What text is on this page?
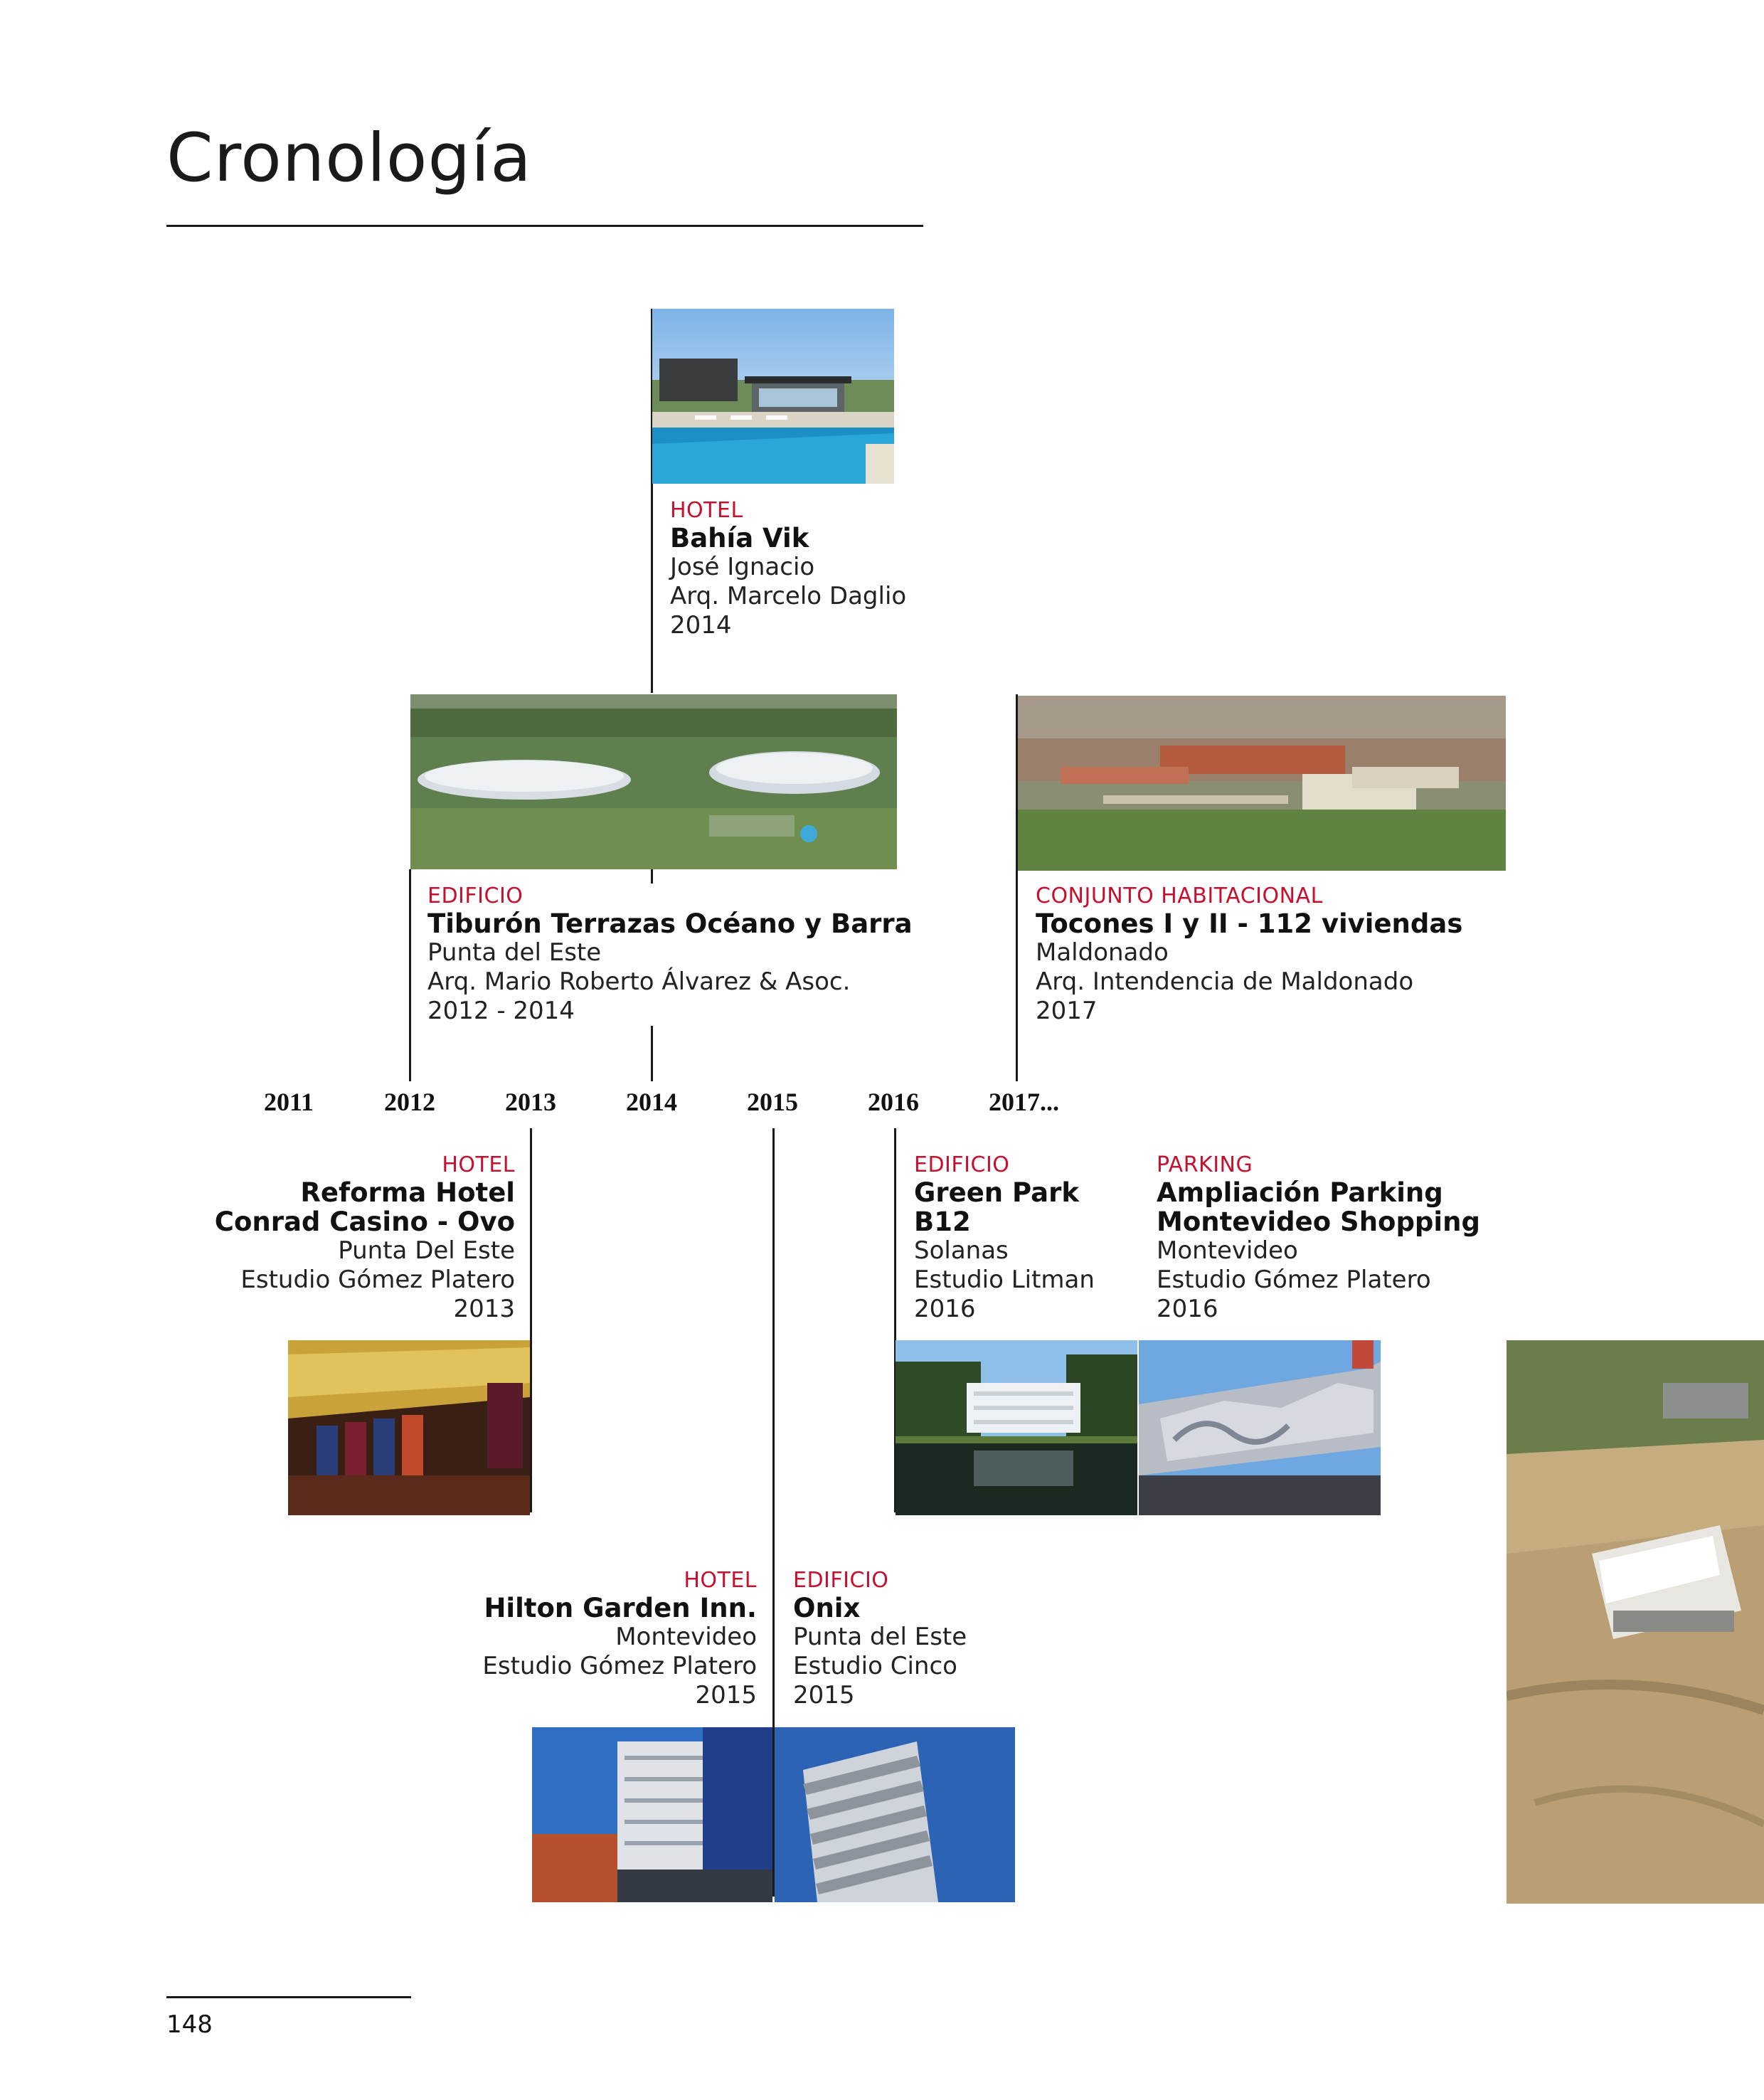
Cronología
2011	2012	2013	2014	2015	2016	2017...
HOTEL
Bahía Vik
José Ignacio
Arq. Marcelo Daglio
2014
EDIFICIO
Tiburón Terrazas Océano y Barra
Punta del Este
Arq. Mario Roberto Álvarez & Asoc.
2012 - 2014
CONJUNTO HABITACIONAL
Tocones I y II - 112 viviendas
Maldonado
Arq. Intendencia de Maldonado
2017
HOTEL
Reforma Hotel
Conrad Casino - Ovo
Punta Del Este
Estudio Gómez Platero
2013
EDIFICIO
Green Park
B12
Solanas
Estudio Litman
2016
PARKING
Ampliación Parking
Montevideo Shopping
Montevideo
Estudio Gómez Platero
2016
HOTEL
Hilton Garden Inn.
Montevideo
Estudio Gómez Platero
2015
EDIFICIO
Onix
Punta del Este
Estudio Cinco
2015
148
